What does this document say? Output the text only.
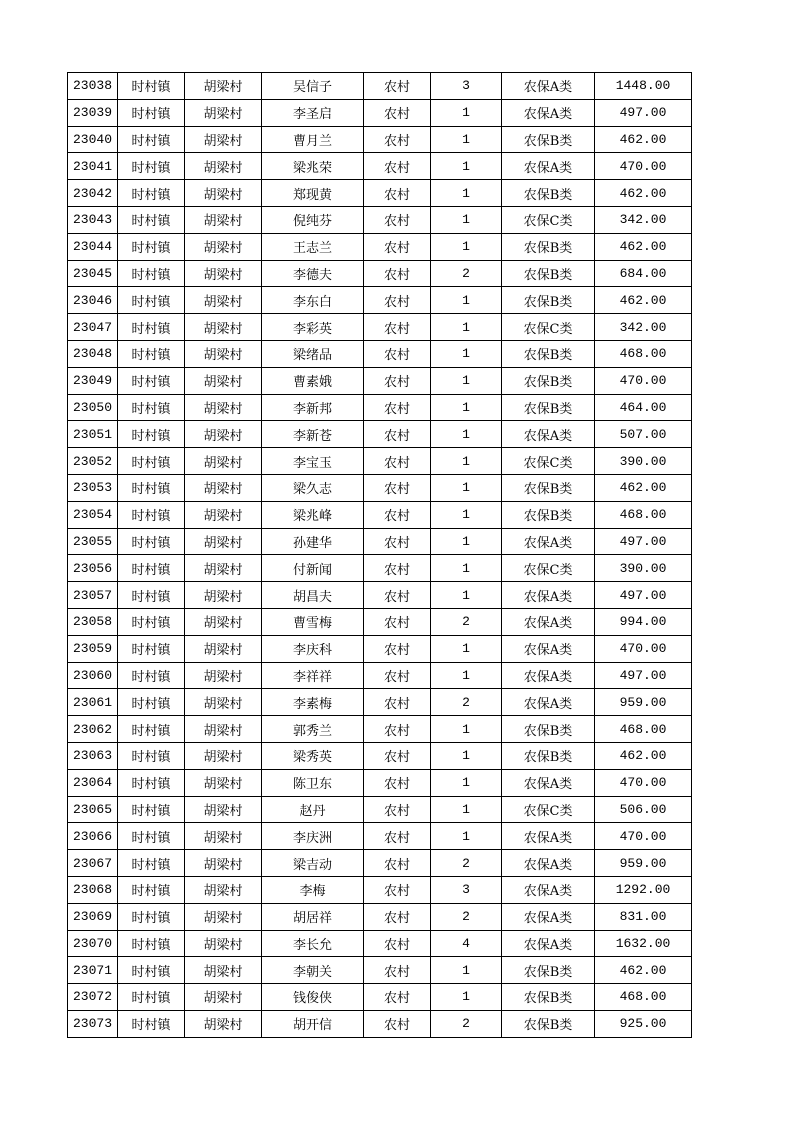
23038	时村镇	胡梁村	吴信子	农村	3	农保A类	1448.00
23039	时村镇	胡梁村	李圣启	农村	1	农保A类	497.00
23040	时村镇	胡梁村	曹月兰	农村	1	农保B类	462.00
23041	时村镇	胡梁村	梁兆荣	农村	1	农保A类	470.00
23042	时村镇	胡梁村	郑现黄	农村	1	农保B类	462.00
23043	时村镇	胡梁村	倪纯芬	农村	1	农保C类	342.00
23044	时村镇	胡梁村	王志兰	农村	1	农保B类	462.00
23045	时村镇	胡梁村	李德夫	农村	2	农保B类	684.00
23046	时村镇	胡梁村	李东白	农村	1	农保B类	462.00
23047	时村镇	胡梁村	李彩英	农村	1	农保C类	342.00
23048	时村镇	胡梁村	梁绪品	农村	1	农保B类	468.00
23049	时村镇	胡梁村	曹素娥	农村	1	农保B类	470.00
23050	时村镇	胡梁村	李新邦	农村	1	农保B类	464.00
23051	时村镇	胡梁村	李新苍	农村	1	农保A类	507.00
23052	时村镇	胡梁村	李宝玉	农村	1	农保C类	390.00
23053	时村镇	胡梁村	梁久志	农村	1	农保B类	462.00
23054	时村镇	胡梁村	梁兆峰	农村	1	农保B类	468.00
23055	时村镇	胡梁村	孙建华	农村	1	农保A类	497.00
23056	时村镇	胡梁村	付新闻	农村	1	农保C类	390.00
23057	时村镇	胡梁村	胡昌夫	农村	1	农保A类	497.00
23058	时村镇	胡梁村	曹雪梅	农村	2	农保A类	994.00
23059	时村镇	胡梁村	李庆科	农村	1	农保A类	470.00
23060	时村镇	胡梁村	李祥祥	农村	1	农保A类	497.00
23061	时村镇	胡梁村	李素梅	农村	2	农保A类	959.00
23062	时村镇	胡梁村	郭秀兰	农村	1	农保B类	468.00
23063	时村镇	胡梁村	梁秀英	农村	1	农保B类	462.00
23064	时村镇	胡梁村	陈卫东	农村	1	农保A类	470.00
23065	时村镇	胡梁村	赵丹	农村	1	农保C类	506.00
23066	时村镇	胡梁村	李庆洲	农村	1	农保A类	470.00
23067	时村镇	胡梁村	梁吉动	农村	2	农保A类	959.00
23068	时村镇	胡梁村	李梅	农村	3	农保A类	1292.00
23069	时村镇	胡梁村	胡居祥	农村	2	农保A类	831.00
23070	时村镇	胡梁村	李长允	农村	4	农保A类	1632.00
23071	时村镇	胡梁村	李朝关	农村	1	农保B类	462.00
23072	时村镇	胡梁村	钱俊侠	农村	1	农保B类	468.00
23073	时村镇	胡梁村	胡开信	农村	2	农保B类	925.00
